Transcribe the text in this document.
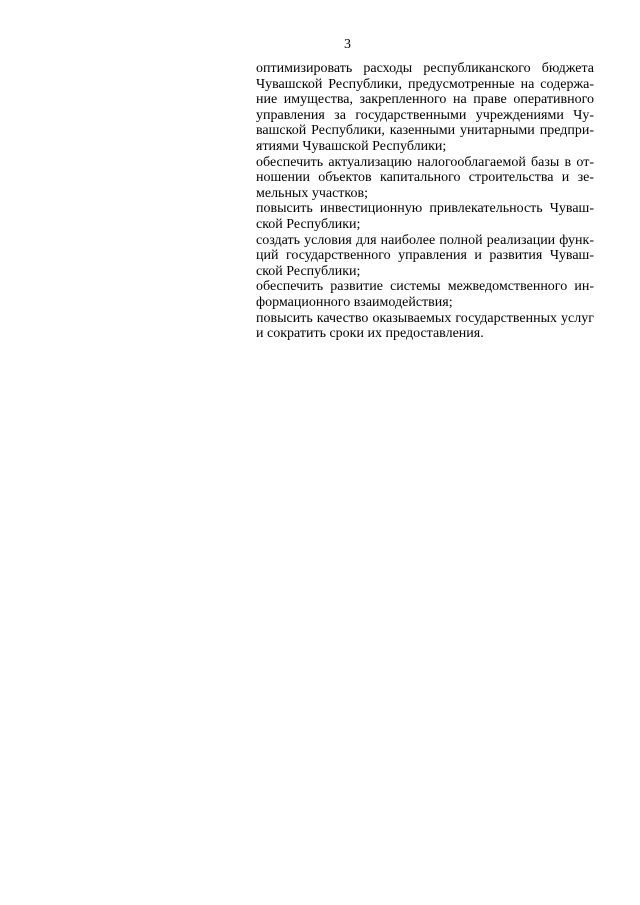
3
оптимизировать расходы республиканского бюджета
Чувашской Республики, предусмотренные на содержа-
ние имущества, закрепленного на праве оперативного
управления за государственными учреждениями Чу-
вашской Республики, казенными унитарными предпри-
ятиями Чувашской Республики;
обеспечить актуализацию налогооблагаемой базы в от-
ношении объектов капитального строительства и зе-
мельных участков;
повысить инвестиционную привлекательность Чуваш-
ской Республики;
создать условия для наиболее полной реализации функ-
ций государственного управления и развития Чуваш-
ской Республики;
обеспечить развитие системы межведомственного ин-
формационного взаимодействия;
повысить качество оказываемых государственных услуг
и сократить сроки их предоставления.
